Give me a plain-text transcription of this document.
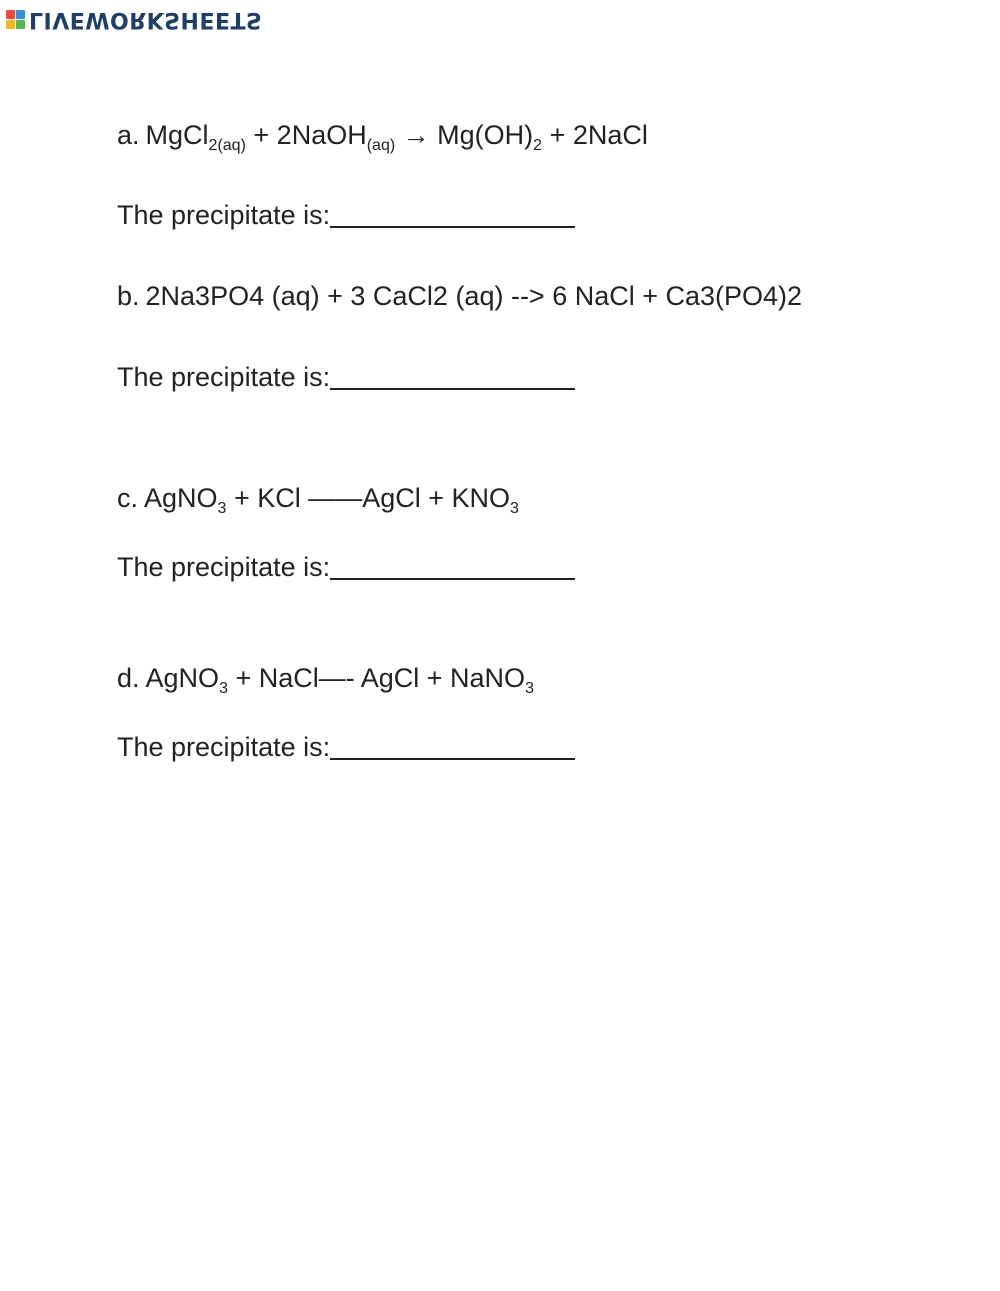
LIVEWORKSHEETS
a. MgCl$_{2(aq)}$ + 2NaOH$_{(aq)}$ → $Mg(OH)_2$ + 2NaCl
The precipitate is:
b. 2Na3PO4 (aq) + 3 CaCl2 (aq) --> 6 NaCl + Ca3(PO4)2
The precipitate is:
c. AgNO$_3$ + KCl ——AgCl + $KNO_3$
The precipitate is:
d. AgNO$_3$ + NaCl—- AgCl + NaNO$_3$
The precipitate is:
